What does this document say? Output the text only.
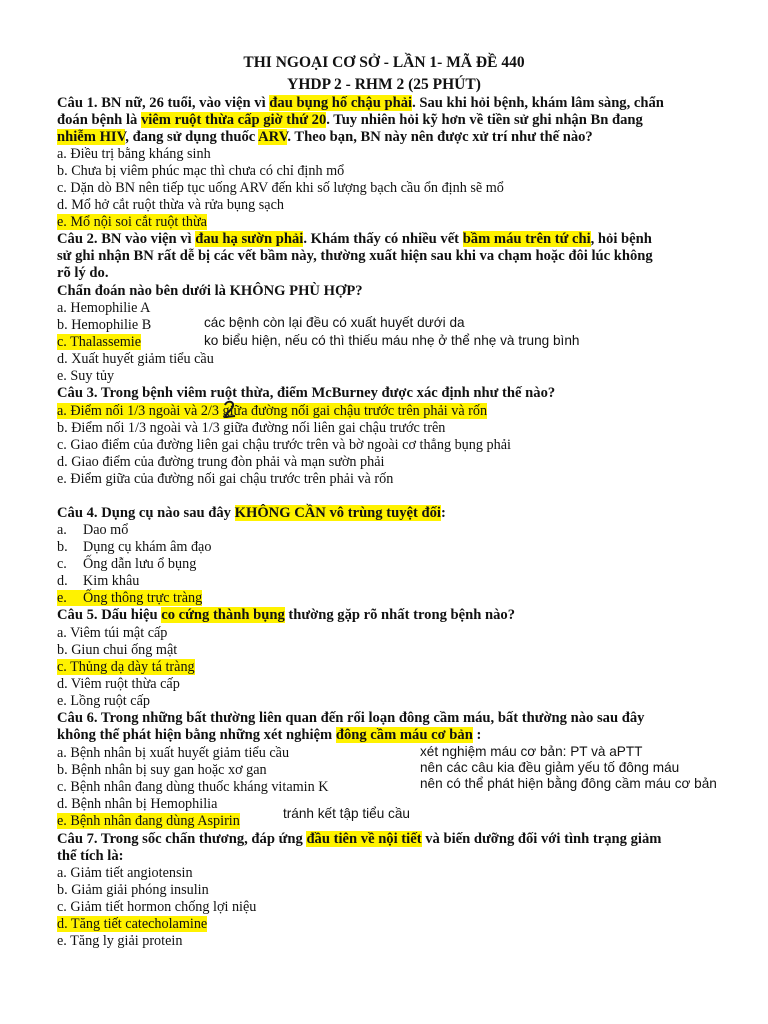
THI NGOẠI CƠ SỞ - LẦN 1- MÃ ĐỀ 440
YHDP 2 - RHM 2 (25 PHÚT)
Câu 1. BN nữ, 26 tuổi, vào viện vì đau bụng hố chậu phải. Sau khi hỏi bệnh, khám lâm sàng, chẩn
đoán bệnh là viêm ruột thừa cấp giờ thứ 20. Tuy nhiên hỏi kỹ hơn về tiền sử ghi nhận Bn đang
nhiễm HIV, đang sử dụng thuốc ARV. Theo bạn, BN này nên được xử trí như thế nào?
a. Điều trị bằng kháng sinh
b. Chưa bị viêm phúc mạc thì chưa có chỉ định mổ
c. Dặn dò BN nên tiếp tục uống ARV đến khi số lượng bạch cầu ổn định sẽ mổ
d. Mổ hở cắt ruột thừa và rửa bụng sạch
e. Mổ nội soi cắt ruột thừa
Câu 2. BN vào viện vì đau hạ sườn phải. Khám thấy có nhiều vết bầm máu trên tứ chi, hỏi bệnh
sử ghi nhận BN rất dễ bị các vết bầm này, thường xuất hiện sau khi va chạm hoặc đôi lúc không
rõ lý do.
Chẩn đoán nào bên dưới là KHÔNG PHÙ HỢP?
a. Hemophilie A
b. Hemophilie B
c. Thalassemie
d. Xuất huyết giảm tiểu cầu
e. Suy tủy
các bệnh còn lại đều có xuất huyết dưới da
ko biểu hiện, nếu có thì thiếu máu nhẹ ở thể nhẹ và trung bình
Câu 3. Trong bệnh viêm ruột thừa, điểm McBurney được xác định như thế nào?
a. Điểm nối 1/3 ngoài và 2/3 giữa đường nối gai chậu trước trên phải và rốn
b. Điểm nối 1/3 ngoài và 1/3 giữa đường nối liên gai chậu trước trên
c. Giao điểm của đường liên gai chậu trước trên và bờ ngoài cơ thẳng bụng phải
d. Giao điểm của đường trung đòn phải và mạn sườn phải
e. Điểm giữa của đường nối gai chậu trước trên phải và rốn
Câu 4. Dụng cụ nào sau đây KHÔNG CẦN vô trùng tuyệt đối:
a. Dao mổ
b. Dụng cụ khám âm đạo
c. Ống dẫn lưu ổ bụng
d. Kim khâu
e. Ống thông trực tràng
Câu 5. Dấu hiệu co cứng thành bụng thường gặp rõ nhất trong bệnh nào?
a. Viêm túi mật cấp
b. Giun chui ống mật
c. Thủng dạ dày tá tràng
d. Viêm ruột thừa cấp
e. Lồng ruột cấp
Câu 6. Trong những bất thường liên quan đến rối loạn đông cầm máu, bất thường nào sau đây
không thể phát hiện bằng những xét nghiệm đông cầm máu cơ bản :
a. Bệnh nhân bị xuất huyết giảm tiểu cầu
b. Bệnh nhân bị suy gan hoặc xơ gan
c. Bệnh nhân đang dùng thuốc kháng vitamin K
d. Bệnh nhân bị Hemophilia
e. Bệnh nhân đang dùng Aspirin
xét nghiệm máu cơ bản: PT và aPTT
nên các câu kia đều giảm yếu tố đông máu
nên có thể phát hiện bằng đông cầm máu cơ bản
tránh kết tập tiểu cầu
Câu 7. Trong sốc chấn thương, đáp ứng đầu tiên về nội tiết và biến dưỡng đối với tình trạng giảm
thể tích là:
a. Giảm tiết angiotensin
b. Giảm giải phóng insulin
c. Giảm tiết hormon chống lợi niệu
d. Tăng tiết catecholamine
e. Tăng ly giải protein
